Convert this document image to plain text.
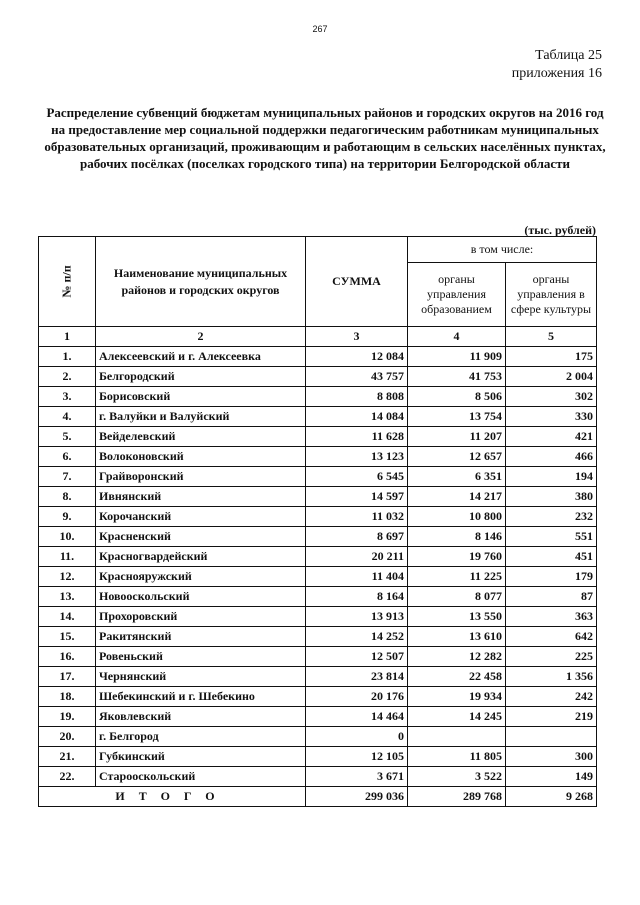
267
Таблица 25
приложения 16
Распределение субвенций бюджетам муниципальных районов и городских округов на 2016 год на предоставление мер социальной поддержки педагогическим работникам муниципальных образовательных организаций, проживающим и работающим в сельских населённых пунктах, рабочих посёлках (поселках городского типа) на территории Белгородской области
(тыс. рублей)
№ п/п	Наименование муниципальных районов и городских округов	СУММА	в том числе:	
			органы управления образованием	органы управления в сфере культуры
1	2	3	4	5
1.	Алексеевский и г. Алексеевка	12 084	11 909	175
2.	Белгородский	43 757	41 753	2 004
3.	Борисовский	8 808	8 506	302
4.	г. Валуйки и Валуйский	14 084	13 754	330
5.	Вейделевский	11 628	11 207	421
6.	Волоконовский	13 123	12 657	466
7.	Грайворонский	6 545	6 351	194
8.	Ивнянский	14 597	14 217	380
9.	Корочанский	11 032	10 800	232
10.	Красненский	8 697	8 146	551
11.	Красногвардейский	20 211	19 760	451
12.	Краснояружский	11 404	11 225	179
13.	Новооскольский	8 164	8 077	87
14.	Прохоровский	13 913	13 550	363
15.	Ракитянский	14 252	13 610	642
16.	Ровеньский	12 507	12 282	225
17.	Чернянский	23 814	22 458	1 356
18.	Шебекинский и г. Шебекино	20 176	19 934	242
19.	Яковлевский	14 464	14 245	219
20.	г. Белгород	0		
21.	Губкинский	12 105	11 805	300
22.	Старооскольский	3 671	3 522	149
ИТОГО		299 036	289 768	9 268
